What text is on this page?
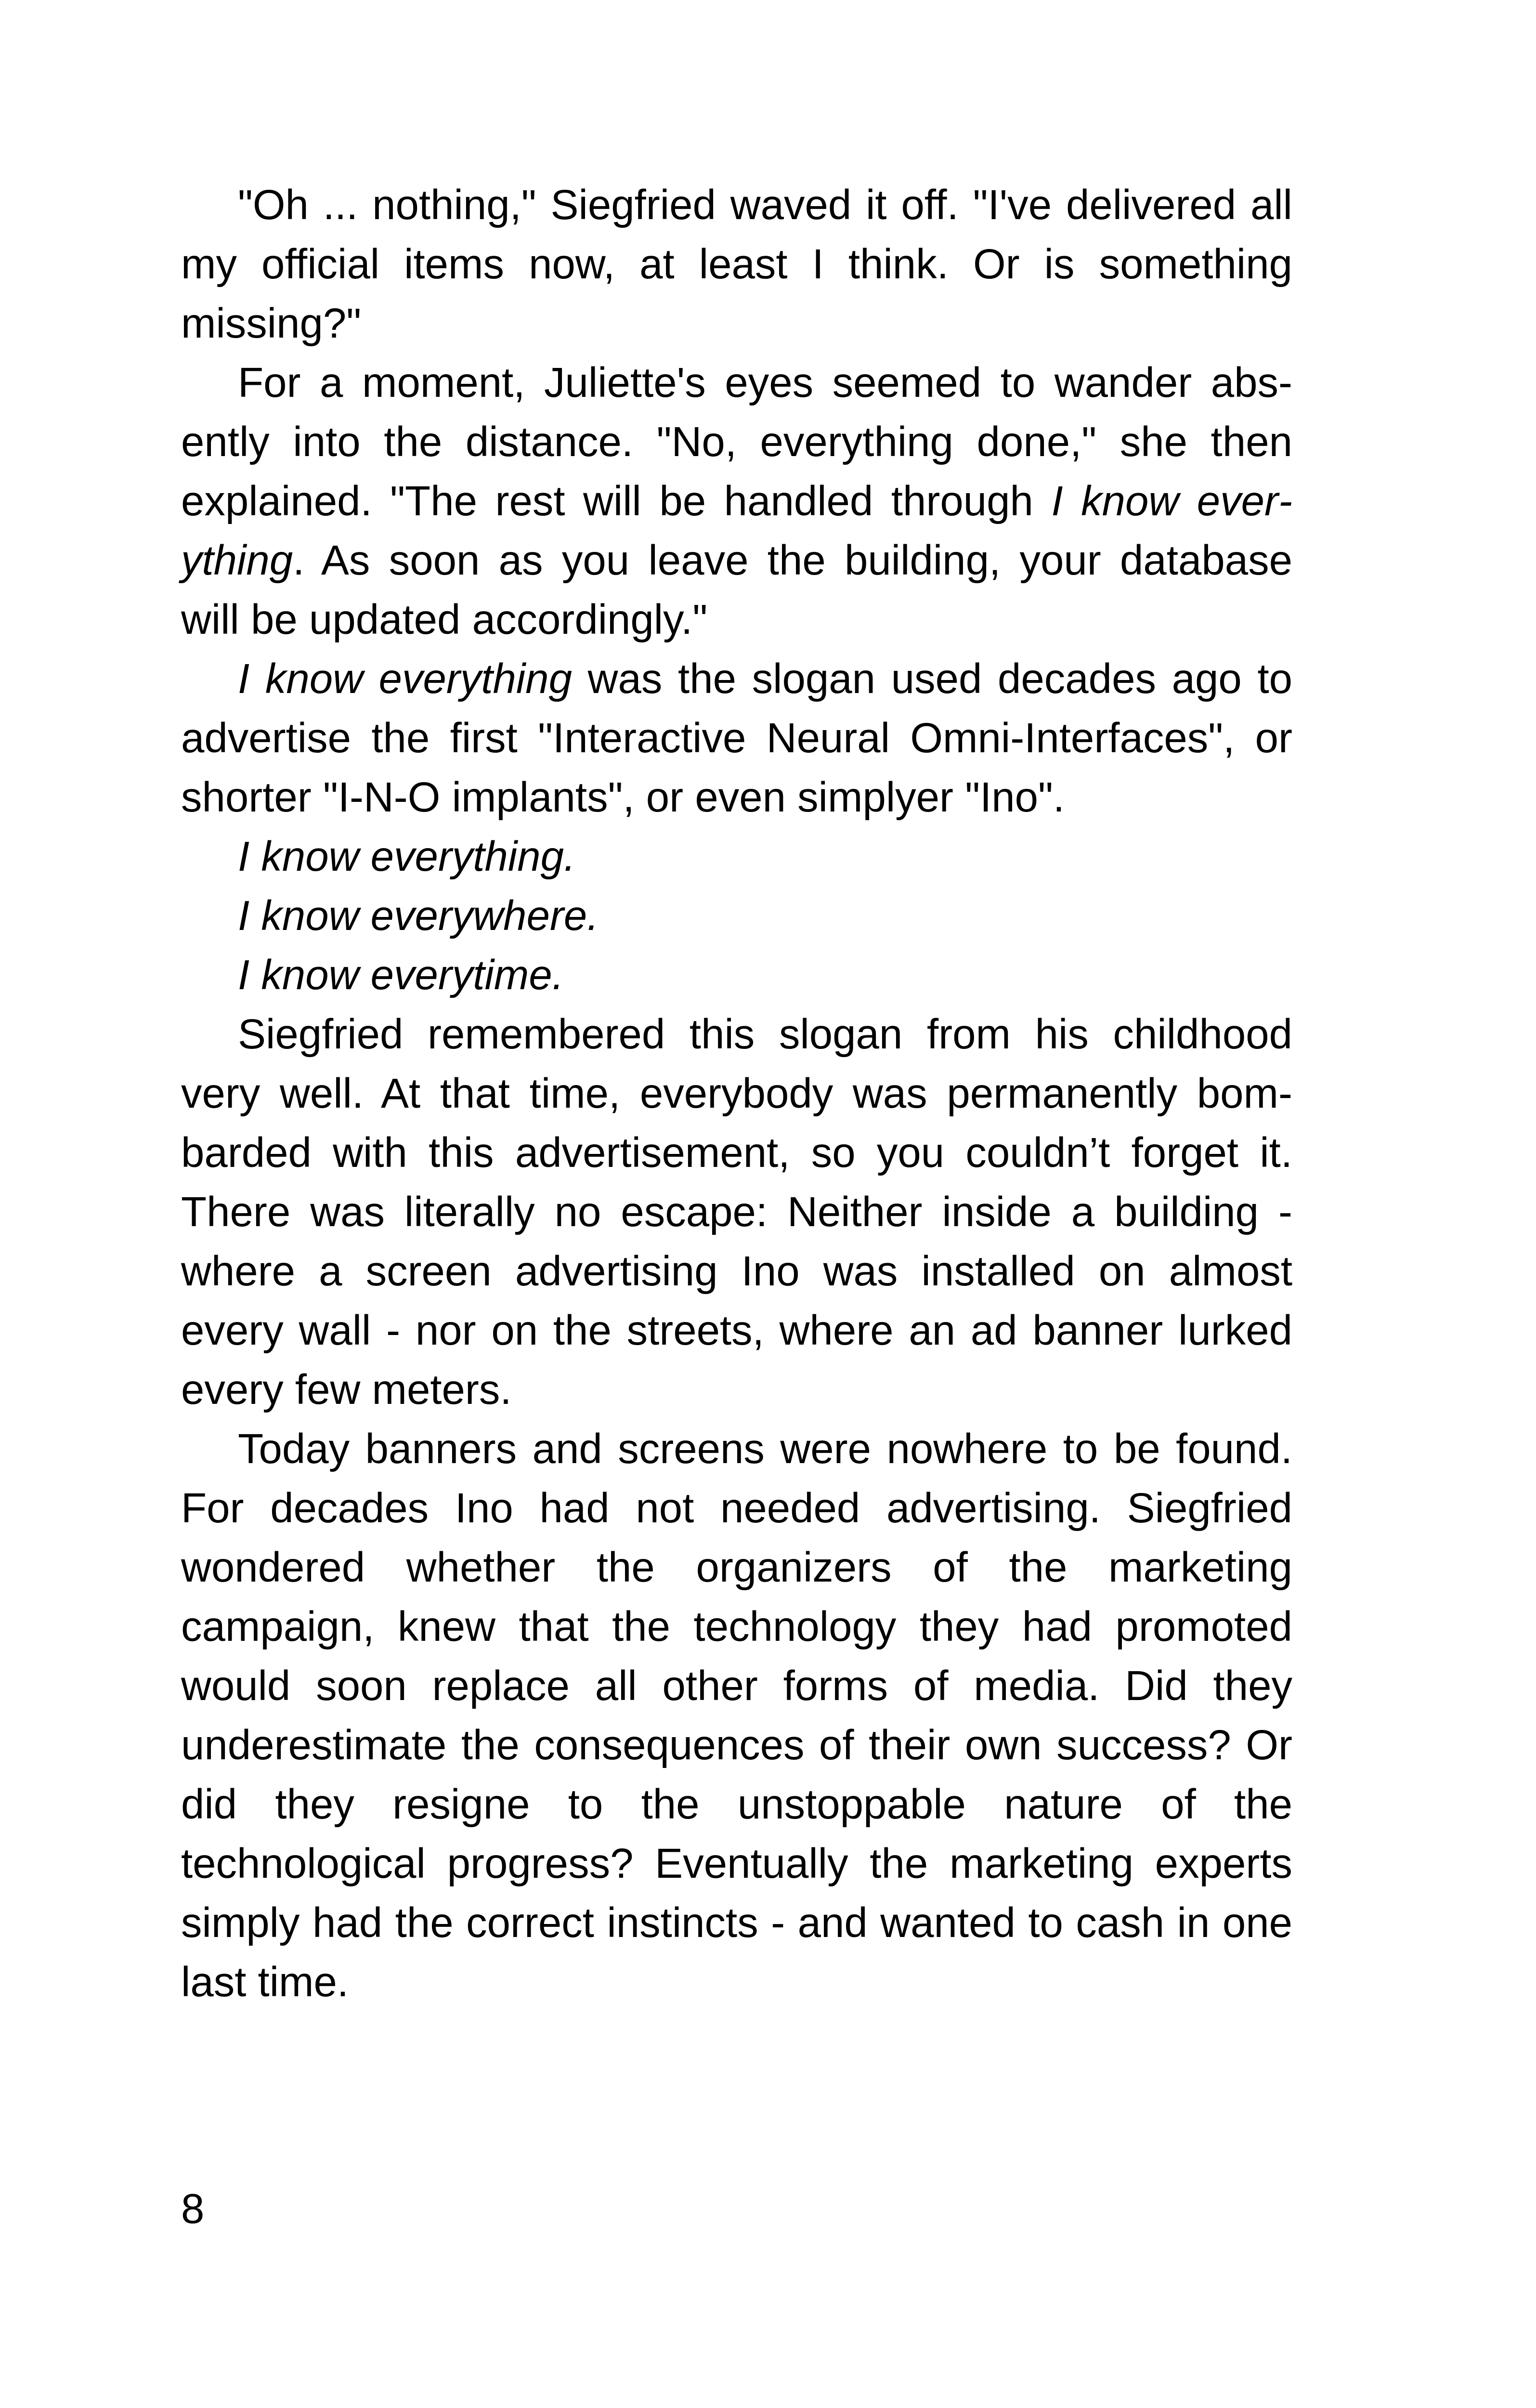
"Oh ... nothing," Siegfried waved it off. "I've delivered all my official items now, at least I think. Or is something missing?"

For a moment, Juliette's eyes seemed to wander absently into the distance. "No, everything done," she then explained. "The rest will be handled through I know everything. As soon as you leave the building, your database will be updated accordingly."

I know everything was the slogan used decades ago to advertise the first "Interactive Neural Omni-Interfaces", or shorter "I-N-O implants", or even simplyer "Ino".

I know everything.

I know everywhere.

I know everytime.

Siegfried remembered this slogan from his childhood very well. At that time, everybody was permanently bombarded with this advertisement, so you couldn’t forget it. There was literally no escape: Neither inside a building - where a screen advertising Ino was installed on almost every wall - nor on the streets, where an ad banner lurked every few meters.

Today banners and screens were nowhere to be found. For decades Ino had not needed advertising. Siegfried wondered whether the organizers of the marketing campaign, knew that the technology they had promoted would soon replace all other forms of media. Did they underestimate the consequences of their own success? Or did they resigne to the unstoppable nature of the technological progress? Eventually the marketing experts simply had the correct instincts - and wanted to cash in one last time.

8
